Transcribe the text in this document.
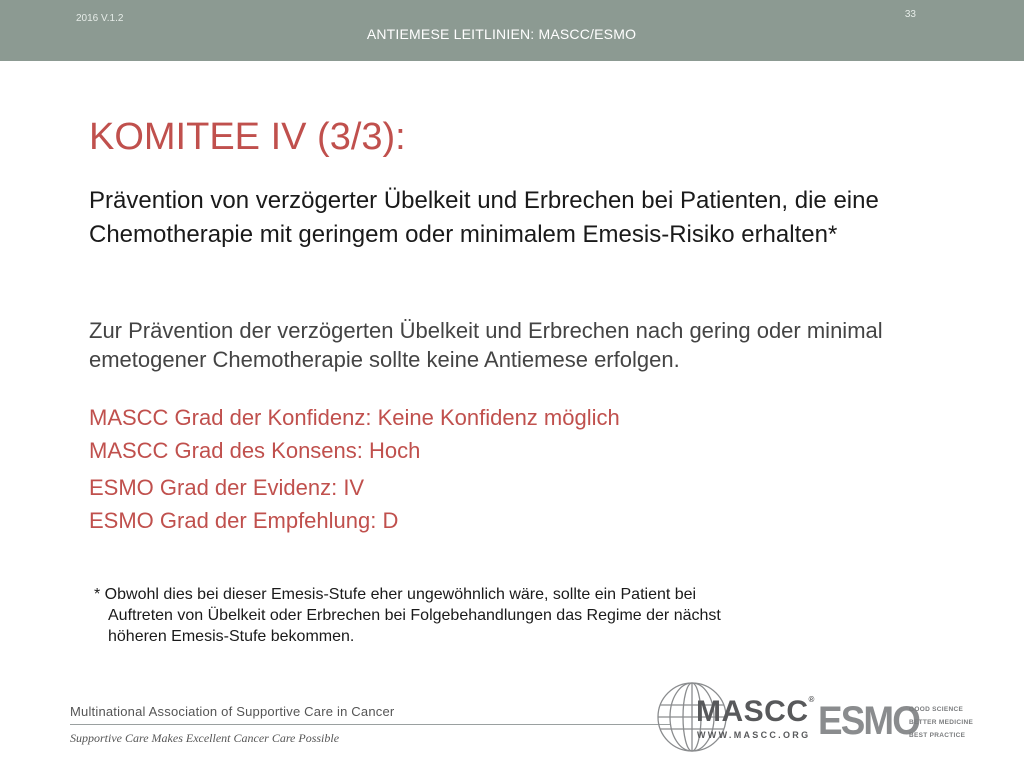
2016 V.1.2	33
ANTIEMESE LEITLINIEN: MASCC/ESMO
KOMITEE IV (3/3):

Prävention von verzögerter Übelkeit und Erbrechen bei Patienten, die eine Chemotherapie mit geringem oder minimalem Emesis-Risiko erhalten*

Zur Prävention der verzögerten Übelkeit und Erbrechen nach gering oder minimal emetogener Chemotherapie sollte keine Antiemese erfolgen.

MASCC Grad der Konfidenz: Keine Konfidenz möglich

MASCC Grad des Konsens: Hoch

ESMO Grad der Evidenz: IV

ESMO Grad der Empfehlung: D

* Obwohl dies bei dieser Emesis-Stufe eher ungewöhnlich wäre, sollte ein Patient bei
Auftreten von Übelkeit oder Erbrechen bei Folgebehandlungen das Regime der nächst
höheren Emesis-Stufe bekommen.
Multinational Association of Supportive Care in Cancer
Supportive Care Makes Excellent Cancer Care Possible
MASCC®
WWW.MASCC.ORG ESMO
GOOD SCIENCE
BETTER MEDICINE
BEST PRACTICE
